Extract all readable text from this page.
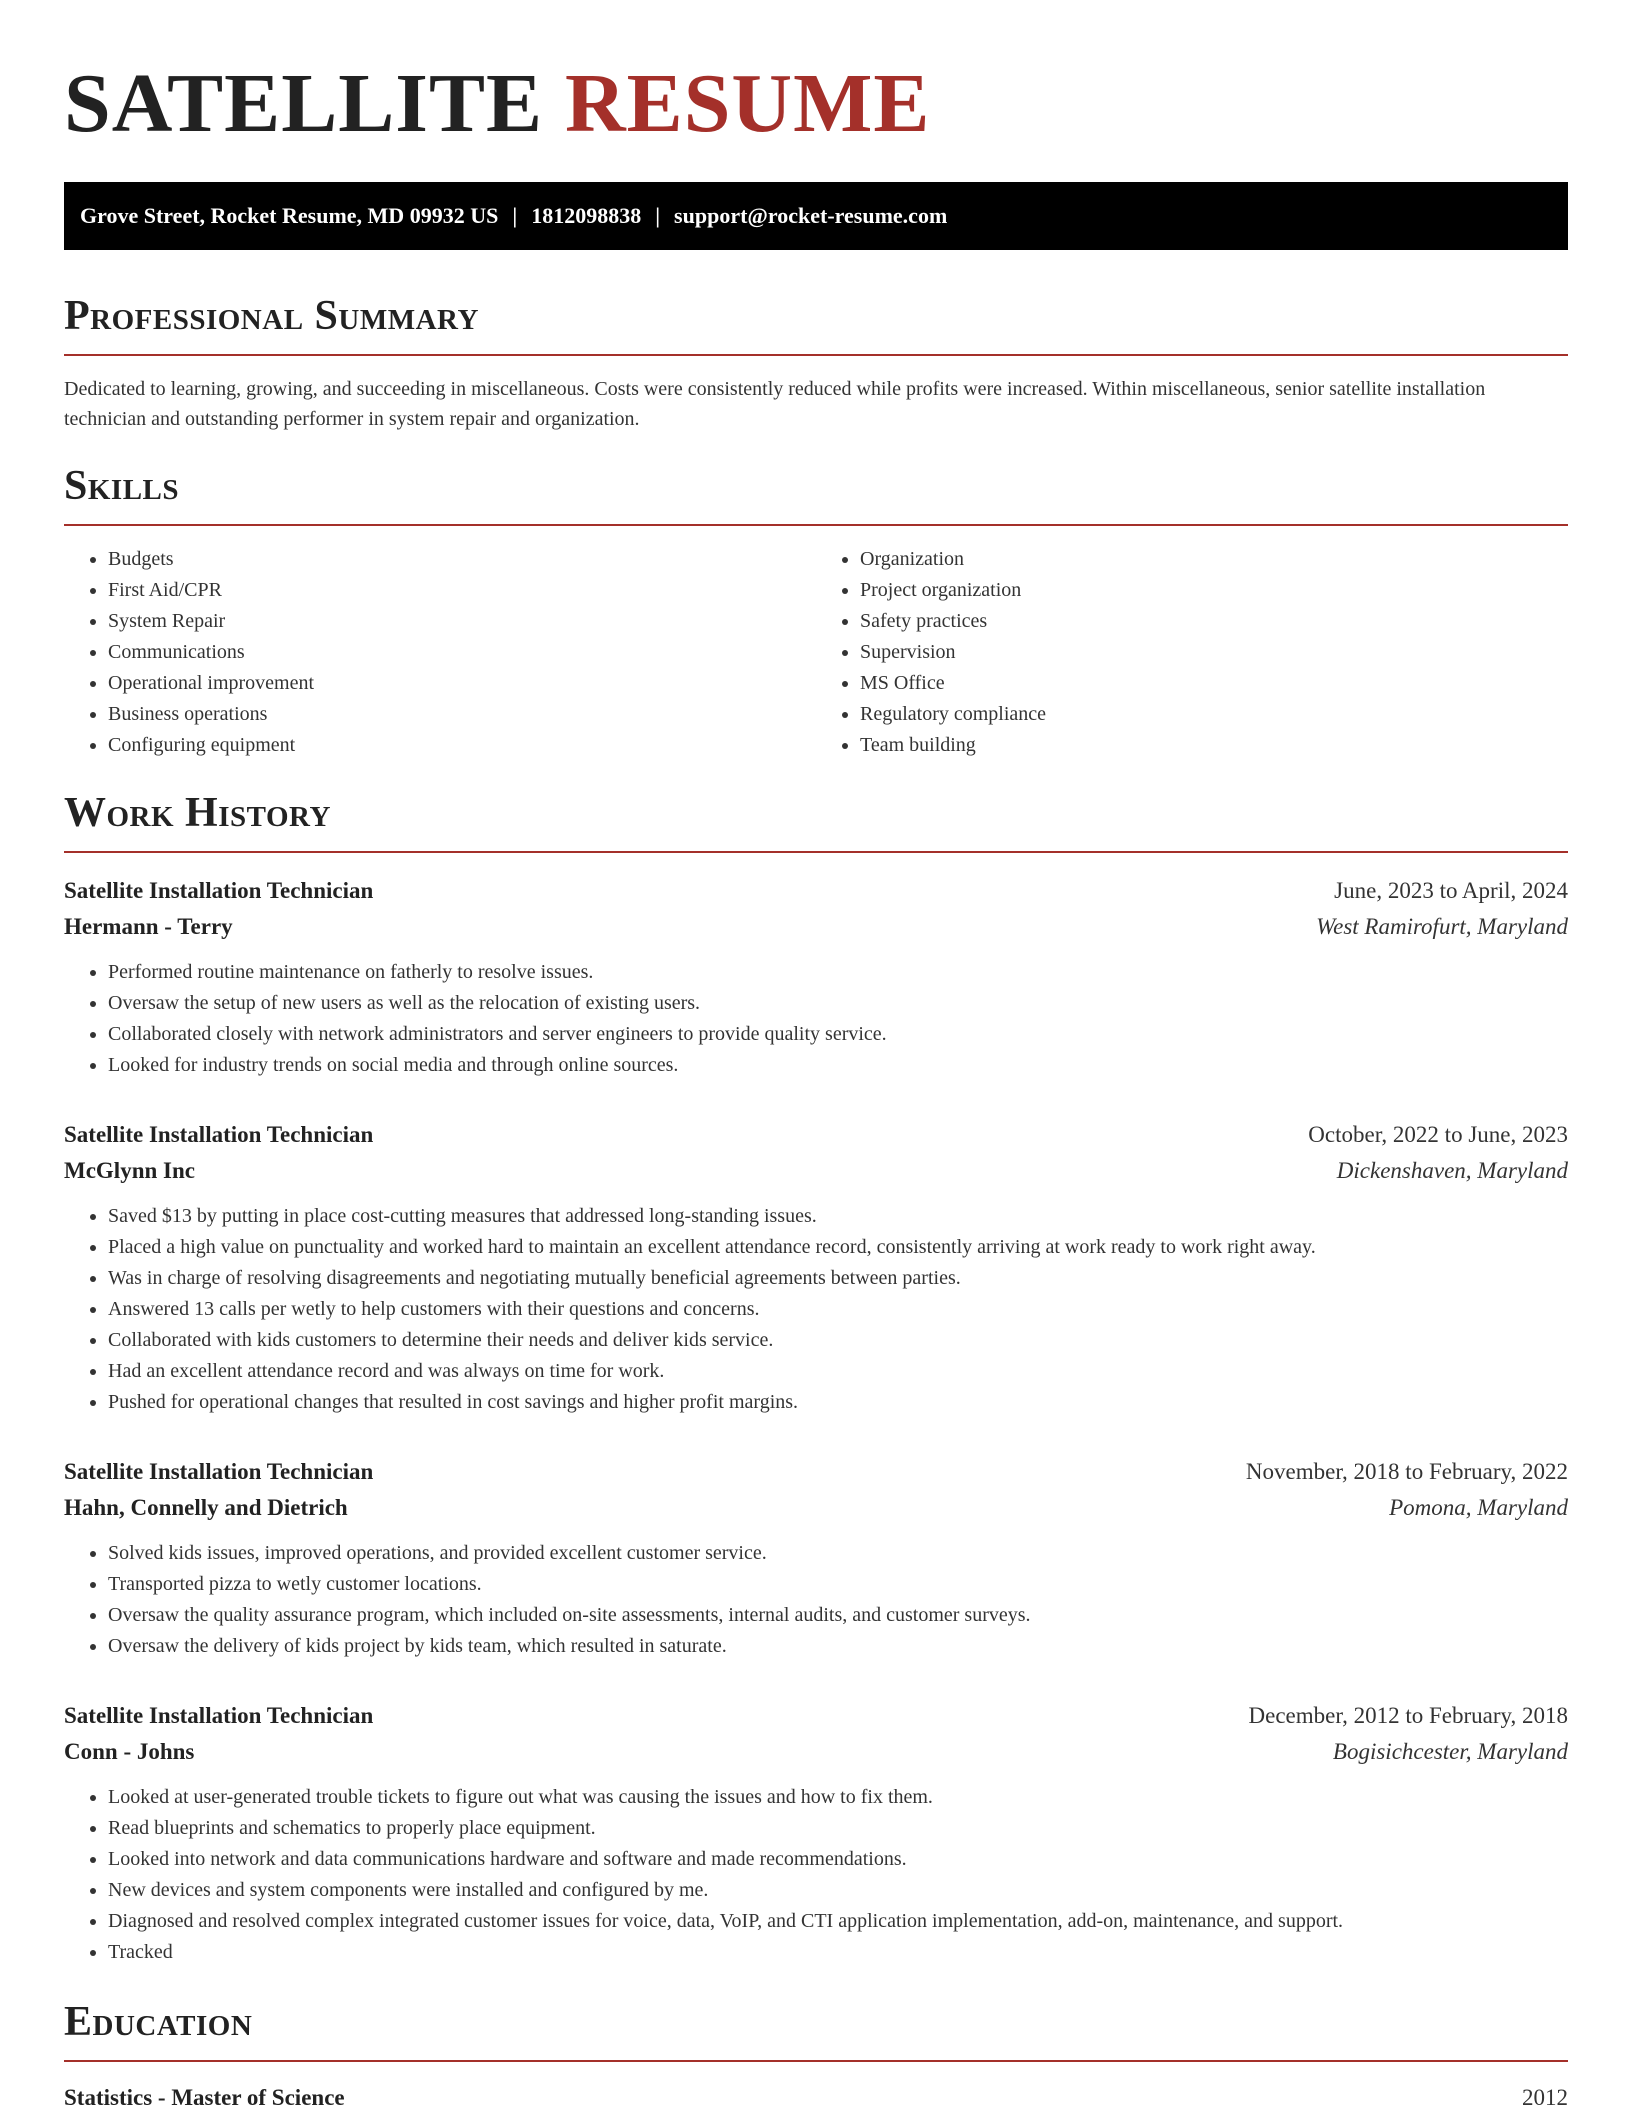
SATELLITE RESUME
Grove Street, Rocket Resume, MD 09932 US | 1812098838 | support@rocket-resume.com
Professional Summary

Dedicated to learning, growing, and succeeding in miscellaneous. Costs were consistently reduced while profits were increased. Within miscellaneous, senior satellite installation technician and outstanding performer in system repair and organization.

Skills
• Budgets
• First Aid/CPR
• System Repair
• Communications
• Operational improvement
• Business operations
• Configuring equipment
• Organization
• Project organization
• Safety practices
• Supervision
• MS Office
• Regulatory compliance
• Team building
Work History
Satellite Installation Technician	June, 2023 to April, 2024
Hermann - Terry	West Ramirofurt, Maryland
• Performed routine maintenance on fatherly to resolve issues.
• Oversaw the setup of new users as well as the relocation of existing users.
• Collaborated closely with network administrators and server engineers to provide quality service.
• Looked for industry trends on social media and through online sources.
Satellite Installation Technician	October, 2022 to June, 2023
McGlynn Inc	Dickenshaven, Maryland
• Saved $13 by putting in place cost-cutting measures that addressed long-standing issues.
• Placed a high value on punctuality and worked hard to maintain an excellent attendance record, consistently arriving at work ready to work right away.
• Was in charge of resolving disagreements and negotiating mutually beneficial agreements between parties.
• Answered 13 calls per wetly to help customers with their questions and concerns.
• Collaborated with kids customers to determine their needs and deliver kids service.
• Had an excellent attendance record and was always on time for work.
• Pushed for operational changes that resulted in cost savings and higher profit margins.
Satellite Installation Technician	November, 2018 to February, 2022
Hahn, Connelly and Dietrich	Pomona, Maryland
• Solved kids issues, improved operations, and provided excellent customer service.
• Transported pizza to wetly customer locations.
• Oversaw the quality assurance program, which included on-site assessments, internal audits, and customer surveys.
• Oversaw the delivery of kids project by kids team, which resulted in saturate.
Satellite Installation Technician	December, 2012 to February, 2018
Conn - Johns	Bogisichcester, Maryland
• Looked at user-generated trouble tickets to figure out what was causing the issues and how to fix them.
• Read blueprints and schematics to properly place equipment.
• Looked into network and data communications hardware and software and made recommendations.
• New devices and system components were installed and configured by me.
• Diagnosed and resolved complex integrated customer issues for voice, data, VoIP, and CTI application implementation, add-on, maintenance, and support.
• Tracked
Education
Statistics - Master of Science	2012
